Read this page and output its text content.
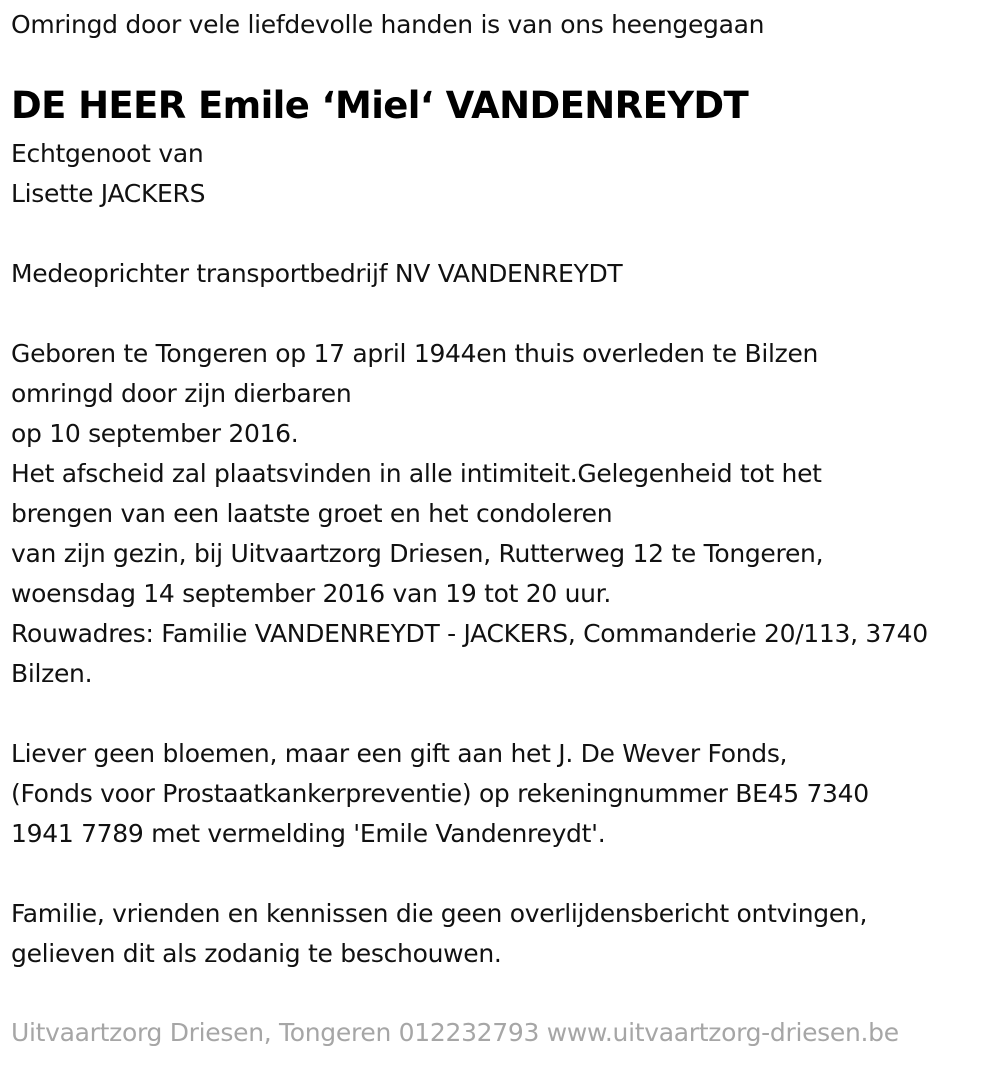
Omringd door vele liefdevolle handen is van ons heengegaan
DE HEER Emile ‘Miel‘ VANDENREYDT
Echtgenoot van
Lisette JACKERS
Medeoprichter transportbedrijf NV VANDENREYDT
Geboren te Tongeren op 17 april 1944en thuis overleden te Bilzen
omringd door zijn dierbaren
op 10 september 2016.
Het afscheid zal plaatsvinden in alle intimiteit.Gelegenheid tot het
brengen van een laatste groet en het condoleren
van zijn gezin, bij Uitvaartzorg Driesen, Rutterweg 12 te Tongeren,
woensdag 14 september 2016 van 19 tot 20 uur.
Rouwadres: Familie VANDENREYDT - JACKERS, Commanderie 20/113, 3740
Bilzen.
Liever geen bloemen, maar een gift aan het J. De Wever Fonds,
(Fonds voor Prostaatkankerpreventie) op rekeningnummer BE45 7340
1941 7789 met vermelding 'Emile Vandenreydt'.
Familie, vrienden en kennissen die geen overlijdensbericht ontvingen,
gelieven dit als zodanig te beschouwen.
Uitvaartzorg Driesen, Tongeren 012232793 www.uitvaartzorg-driesen.be
